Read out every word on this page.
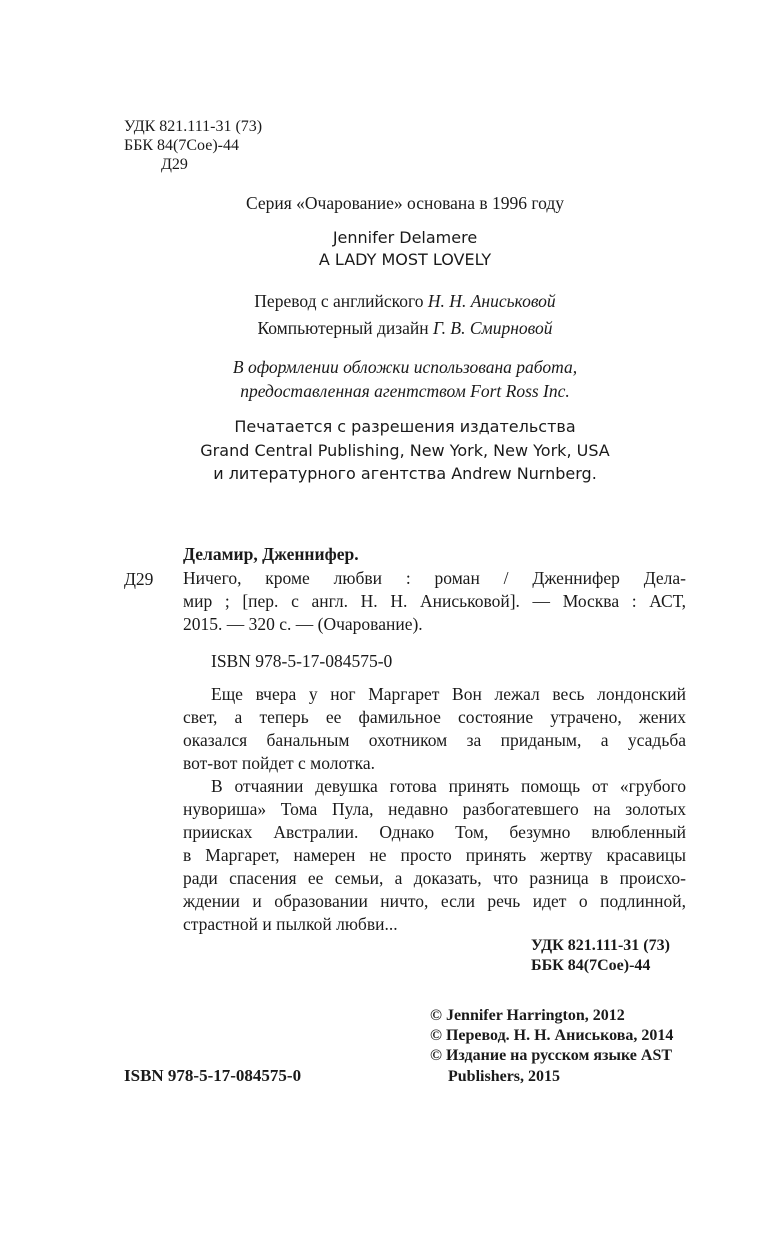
УДК 821.111-31 (73)
ББК 84(7Сое)-44
Д29
Серия «Очарование» основана в 1996 году
Jennifer Delamere
A LADY MOST LOVELY
Перевод с английского Н. Н. Аниськовой
Компьютерный дизайн Г. В. Смирновой
В оформлении обложки использована работа,
предоставленная агентством Fort Ross Inc.
Печатается с разрешения издательства
Grand Central Publishing, New York, New York, USA
и литературного агентства Andrew Nurnberg.
Деламир, Дженнифер.
Д29 Ничего, кроме любви : роман / Дженнифер Дела-
мир ; [пер. с англ. Н. Н. Аниськовой]. — Москва : АСТ,
2015. — 320 с. — (Очарование).
ISBN 978-5-17-084575-0
Еще вчера у ног Маргарет Вон лежал весь лондонский
свет, а теперь ее фамильное состояние утрачено, жених
оказался банальным охотником за приданым, а усадьба
вот-вот пойдет с молотка.
В отчаянии девушка готова принять помощь от «грубого
нувориша» Тома Пула, недавно разбогатевшего на золотых
приисках Австралии. Однако Том, безумно влюбленный
в Маргарет, намерен не просто принять жертву красавицы
ради спасения ее семьи, а доказать, что разница в происхо-
ждении и образовании ничто, если речь идет о подлинной,
страстной и пылкой любви...
УДК 821.111-31 (73)
ББК 84(7Сое)-44
© Jennifer Harrington, 2012
© Перевод. Н. Н. Аниськова, 2014
© Издание на русском языке AST
Publishers, 2015
ISBN 978-5-17-084575-0
